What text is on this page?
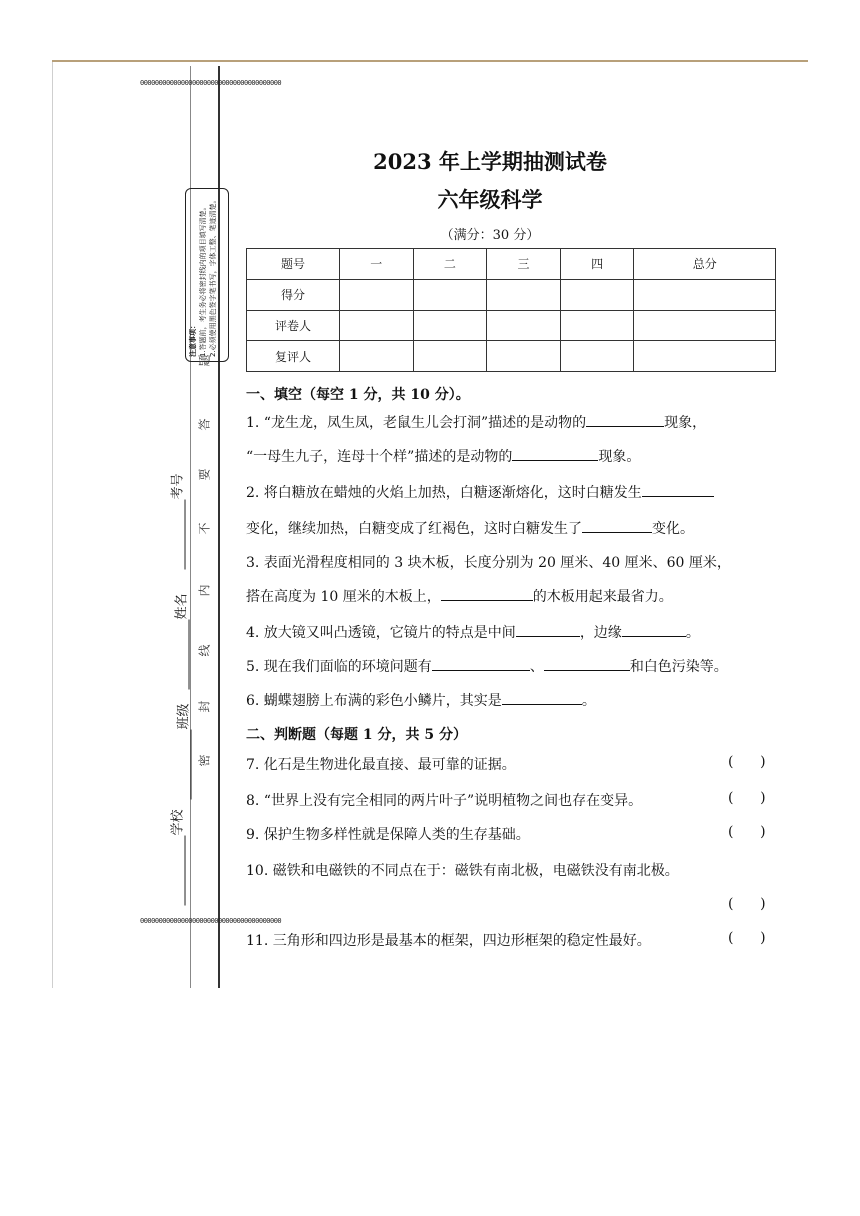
00000000000000000000000000000000000000

注意事项： 1.答题前，考生务必将密封线内的项目填写清楚。 2.必须使用黑色签字笔书写，字体工整、笔迹清楚。
考号
姓名
班级
学校
题
答
要
不
内
线
封
密

00000000000000000000000000000000000000

2023 年上学期抽测试卷
六年级科学
（满分：30 分）
题号	一	二	三	四	总分
得分					
评卷人					
复评人					
一、填空（每空 1 分，共 10 分）。
1. “龙生龙，凤生凤，老鼠生儿会打洞”描述的是动物的	现象，
“一母生九子，连母十个样”描述的是动物的	现象。
2. 将白糖放在蜡烛的火焰上加热，白糖逐渐熔化，这时白糖发生
变化，继续加热，白糖变成了红褐色，这时白糖发生了	变化。
3. 表面光滑程度相同的 3 块木板，长度分别为 20 厘米、40 厘米、60 厘米，
搭在高度为 10 厘米的木板上，	的木板用起来最省力。
4. 放大镜又叫凸透镜，它镜片的特点是中间	，边缘	。
5. 现在我们面临的环境问题有	、	和白色污染等。
6. 蝴蝶翅膀上布满的彩色小鳞片，其实是	。
二、判断题（每题 1 分，共 5 分）
7. 化石是生物进化最直接、最可靠的证据。	(      )
8. “世界上没有完全相同的两片叶子”说明植物之间也存在变异。	(      )
9. 保护生物多样性就是保障人类的生存基础。	(      )
10. 磁铁和电磁铁的不同点在于：磁铁有南北极，电磁铁没有南北极。
(      )
11. 三角形和四边形是最基本的框架，四边形框架的稳定性最好。	(      )
